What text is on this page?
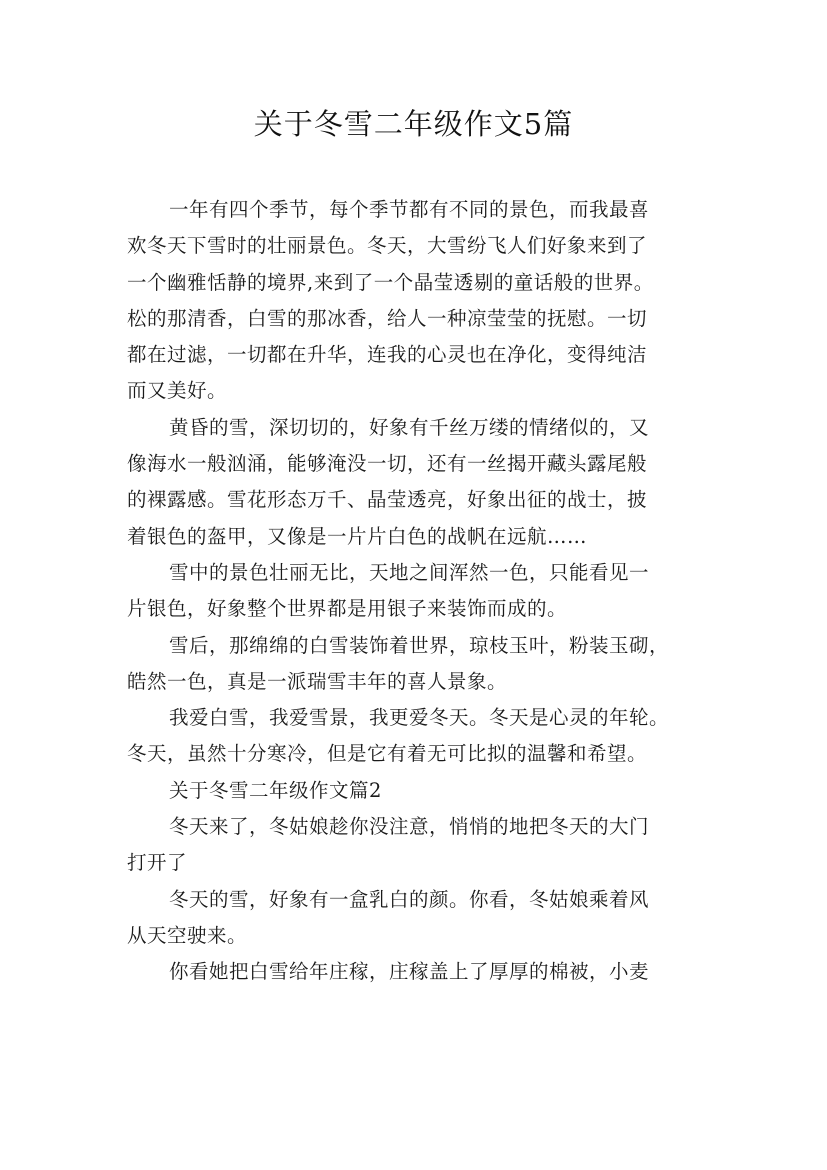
关于冬雪二年级作文5篇
一年有四个季节，每个季节都有不同的景色，而我最喜
欢冬天下雪时的壮丽景色。冬天，大雪纷飞人们好象来到了
一个幽雅恬静的境界,来到了一个晶莹透剔的童话般的世界。
松的那清香，白雪的那冰香，给人一种凉莹莹的抚慰。一切
都在过滤，一切都在升华，连我的心灵也在净化，变得纯洁
而又美好。
黄昏的雪，深切切的，好象有千丝万缕的情绪似的，又
像海水一般汹涌，能够淹没一切，还有一丝揭开藏头露尾般
的裸露感。雪花形态万千、晶莹透亮，好象出征的战士，披
着银色的盔甲，又像是一片片白色的战帆在远航……
雪中的景色壮丽无比，天地之间浑然一色，只能看见一
片银色，好象整个世界都是用银子来装饰而成的。
雪后，那绵绵的白雪装饰着世界，琼枝玉叶，粉装玉砌，
皓然一色，真是一派瑞雪丰年的喜人景象。
我爱白雪，我爱雪景，我更爱冬天。冬天是心灵的年轮。
冬天，虽然十分寒冷，但是它有着无可比拟的温馨和希望。
关于冬雪二年级作文篇2
冬天来了，冬姑娘趁你没注意，悄悄的地把冬天的大门
打开了
冬天的雪，好象有一盒乳白的颜。你看，冬姑娘乘着风
从天空驶来。
你看她把白雪给年庄稼，庄稼盖上了厚厚的棉被，小麦
